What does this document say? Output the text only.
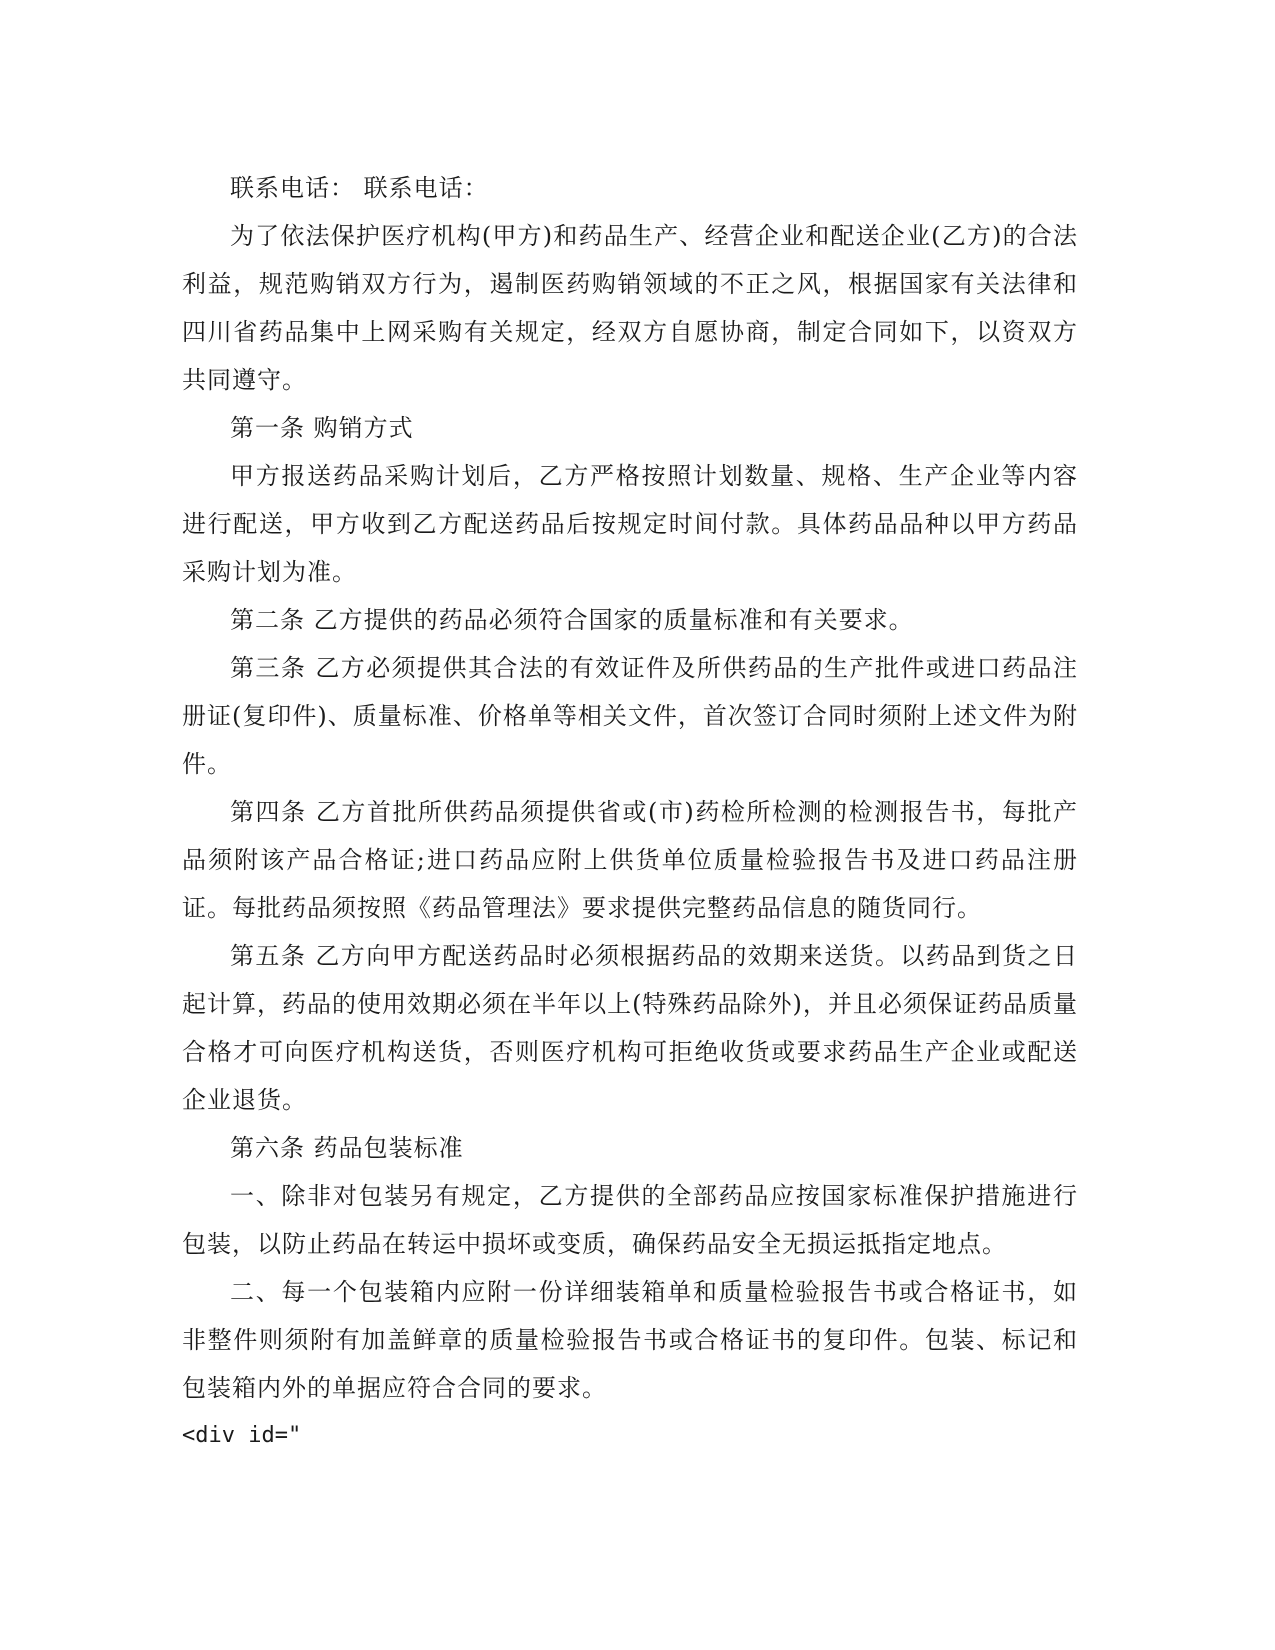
联系电话： 联系电话：

为了依法保护医疗机构(甲方)和药品生产、经营企业和配送企业(乙方)的合法利益，规范购销双方行为，遏制医药购销领域的不正之风，根据国家有关法律和四川省药品集中上网采购有关规定，经双方自愿协商，制定合同如下，以资双方共同遵守。

第一条 购销方式

甲方报送药品采购计划后，乙方严格按照计划数量、规格、生产企业等内容进行配送，甲方收到乙方配送药品后按规定时间付款。具体药品品种以甲方药品采购计划为准。

第二条 乙方提供的药品必须符合国家的质量标准和有关要求。

第三条 乙方必须提供其合法的有效证件及所供药品的生产批件或进口药品注册证(复印件)、质量标准、价格单等相关文件，首次签订合同时须附上述文件为附件。

第四条 乙方首批所供药品须提供省或(市)药检所检测的检测报告书，每批产品须附该产品合格证;进口药品应附上供货单位质量检验报告书及进口药品注册证。每批药品须按照《药品管理法》要求提供完整药品信息的随货同行。

第五条 乙方向甲方配送药品时必须根据药品的效期来送货。以药品到货之日起计算，药品的使用效期必须在半年以上(特殊药品除外)，并且必须保证药品质量合格才可向医疗机构送货，否则医疗机构可拒绝收货或要求药品生产企业或配送企业退货。

第六条 药品包装标准

一、除非对包装另有规定，乙方提供的全部药品应按国家标准保护措施进行包装，以防止药品在转运中损坏或变质，确保药品安全无损运抵指定地点。

二、每一个包装箱内应附一份详细装箱单和质量检验报告书或合格证书，如非整件则须附有加盖鲜章的质量检验报告书或合格证书的复印件。包装、标记和包装箱内外的单据应符合合同的要求。

<div id="
